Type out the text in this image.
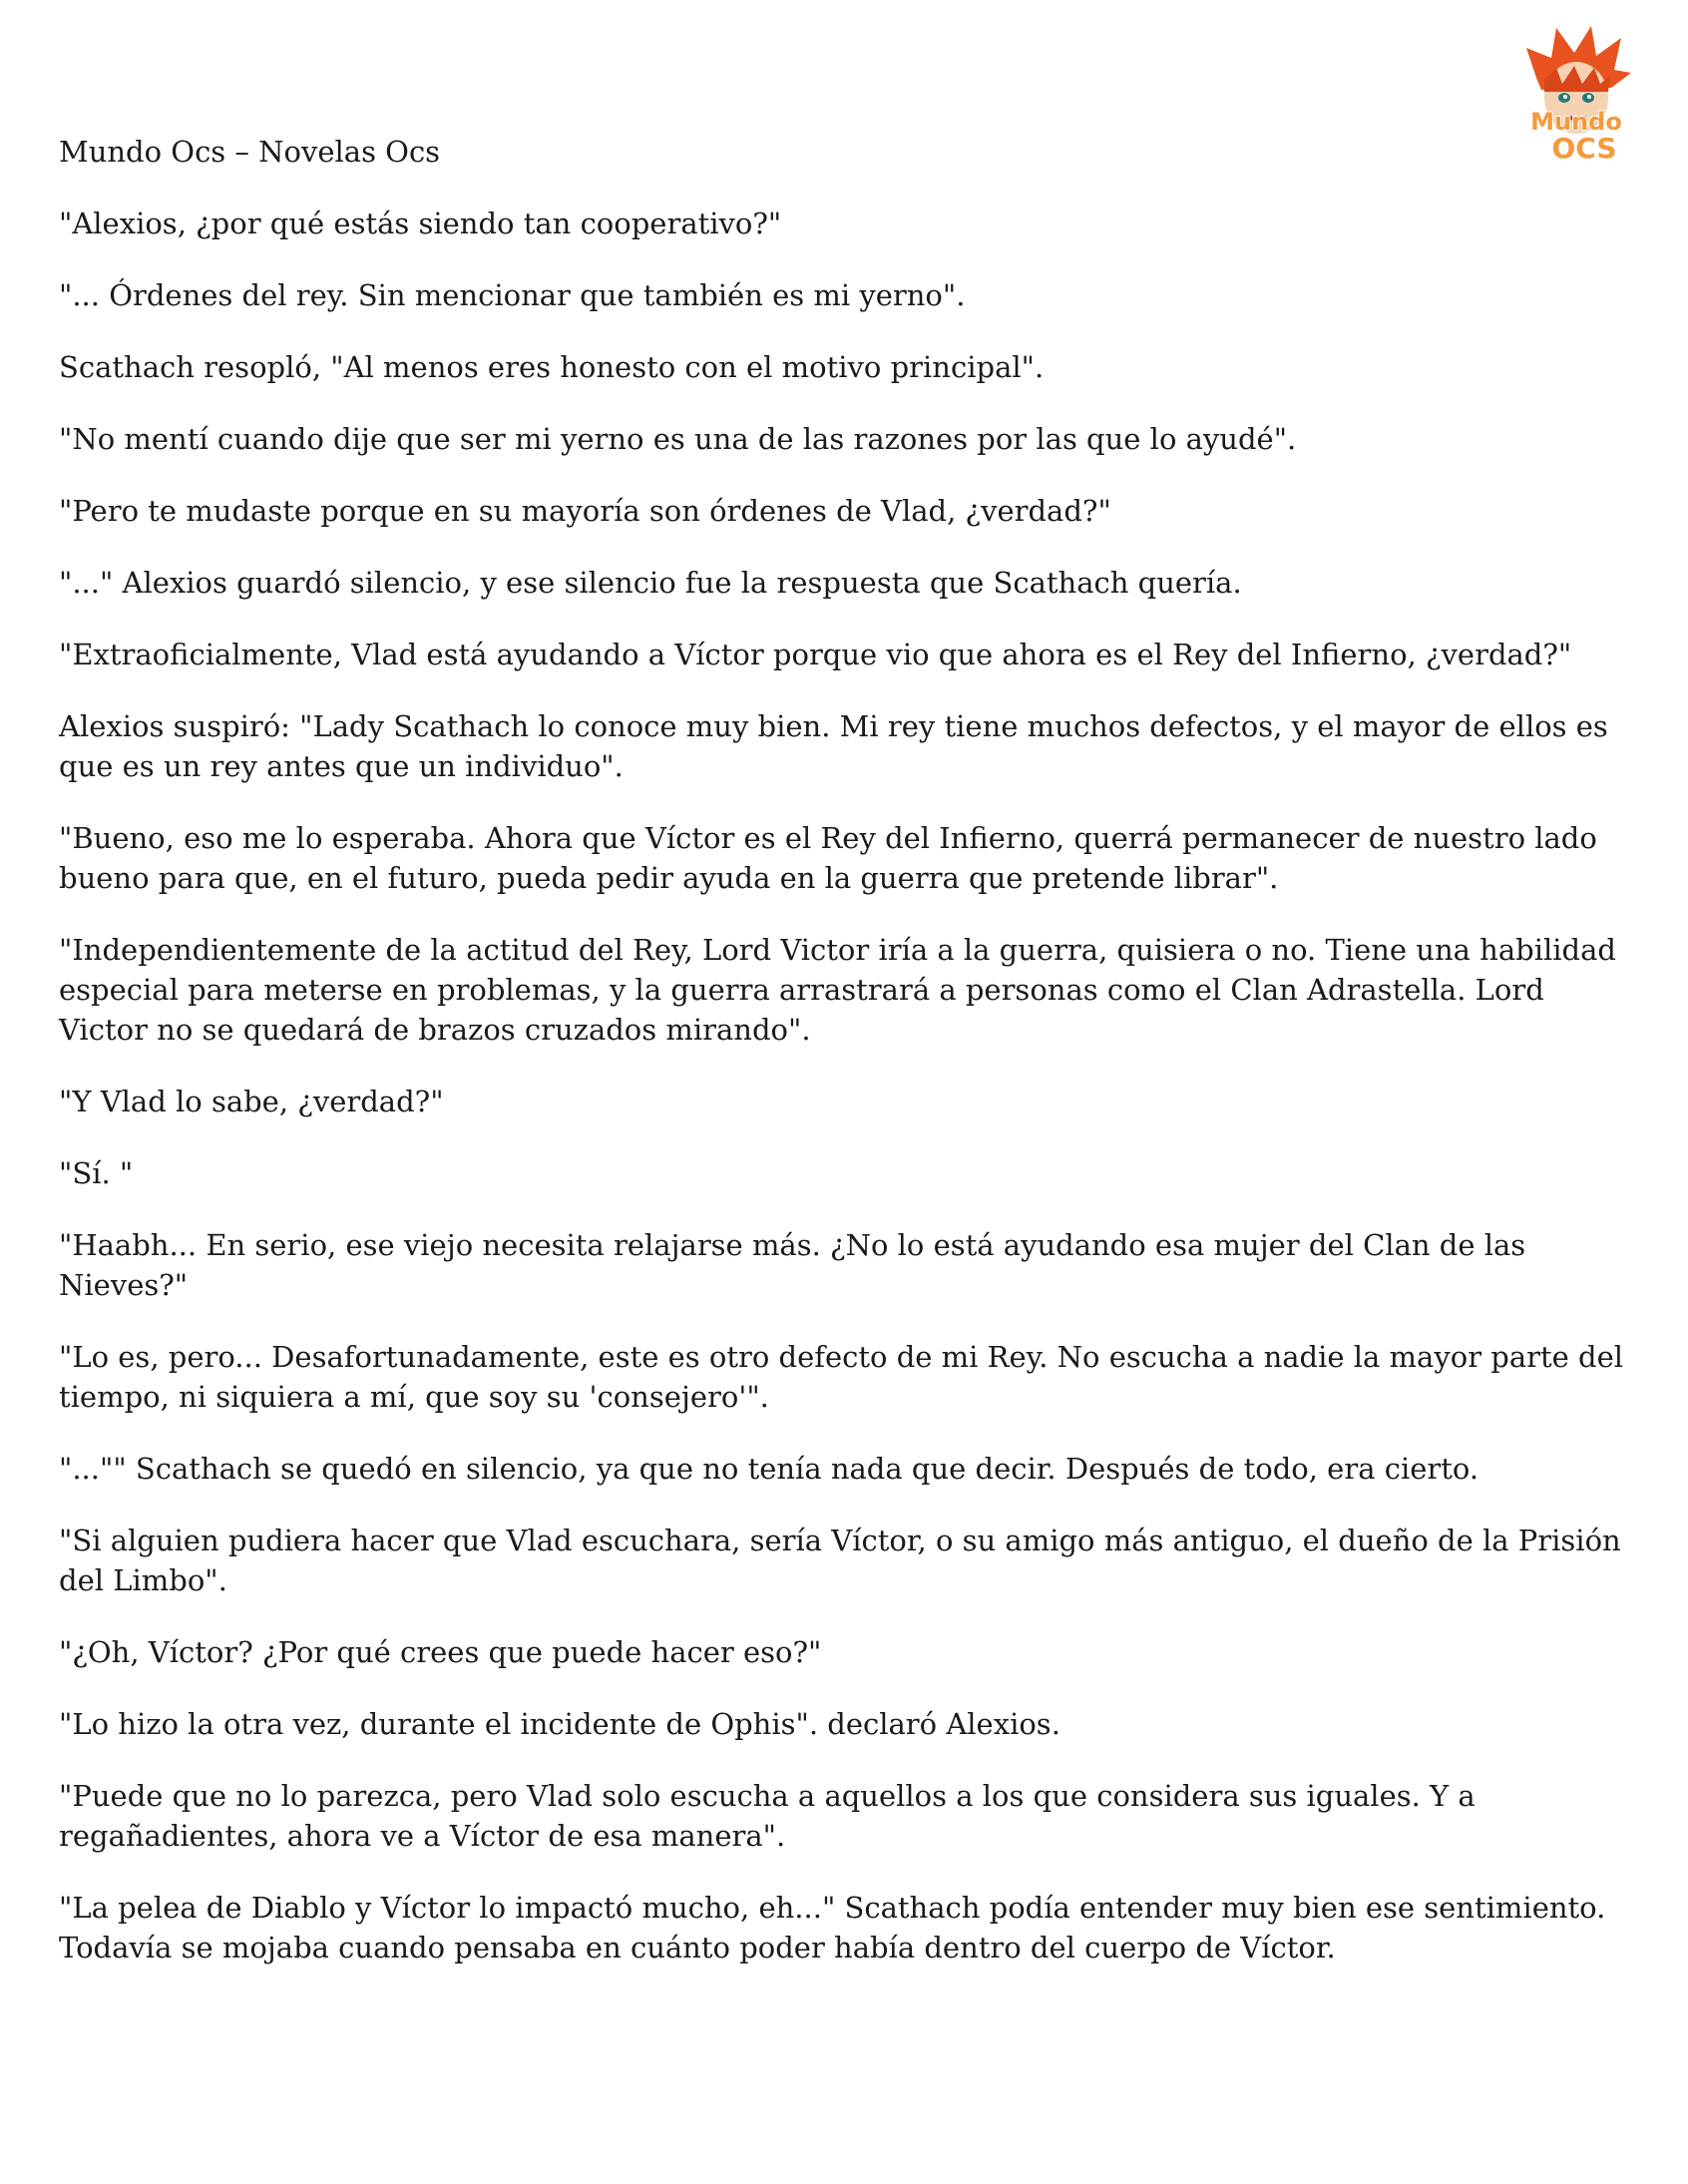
Mundo
OCS

Mundo Ocs – Novelas Ocs

"Alexios, ¿por qué estás siendo tan cooperativo?"

"... Órdenes del rey. Sin mencionar que también es mi yerno".

Scathach resopló, "Al menos eres honesto con el motivo principal".

"No mentí cuando dije que ser mi yerno es una de las razones por las que lo ayudé".

"Pero te mudaste porque en su mayoría son órdenes de Vlad, ¿verdad?"

"..." Alexios guardó silencio, y ese silencio fue la respuesta que Scathach quería.

"Extraoficialmente, Vlad está ayudando a Víctor porque vio que ahora es el Rey del Infierno, ¿verdad?"

Alexios suspiró: "Lady Scathach lo conoce muy bien. Mi rey tiene muchos defectos, y el mayor de ellos es que es un rey antes que un individuo".

"Bueno, eso me lo esperaba. Ahora que Víctor es el Rey del Infierno, querrá permanecer de nuestro lado bueno para que, en el futuro, pueda pedir ayuda en la guerra que pretende librar".

"Independientemente de la actitud del Rey, Lord Victor iría a la guerra, quisiera o no. Tiene una habilidad especial para meterse en problemas, y la guerra arrastrará a personas como el Clan Adrastella. Lord Victor no se quedará de brazos cruzados mirando".

"Y Vlad lo sabe, ¿verdad?"

"Sí. "

"Haabh... En serio, ese viejo necesita relajarse más. ¿No lo está ayudando esa mujer del Clan de las Nieves?"

"Lo es, pero... Desafortunadamente, este es otro defecto de mi Rey. No escucha a nadie la mayor parte del tiempo, ni siquiera a mí, que soy su 'consejero'".

"..."" Scathach se quedó en silencio, ya que no tenía nada que decir. Después de todo, era cierto.

"Si alguien pudiera hacer que Vlad escuchara, sería Víctor, o su amigo más antiguo, el dueño de la Prisión del Limbo".

"¿Oh, Víctor? ¿Por qué crees que puede hacer eso?"

"Lo hizo la otra vez, durante el incidente de Ophis". declaró Alexios.

"Puede que no lo parezca, pero Vlad solo escucha a aquellos a los que considera sus iguales. Y a regañadientes, ahora ve a Víctor de esa manera".

"La pelea de Diablo y Víctor lo impactó mucho, eh..." Scathach podía entender muy bien ese sentimiento. Todavía se mojaba cuando pensaba en cuánto poder había dentro del cuerpo de Víctor.
